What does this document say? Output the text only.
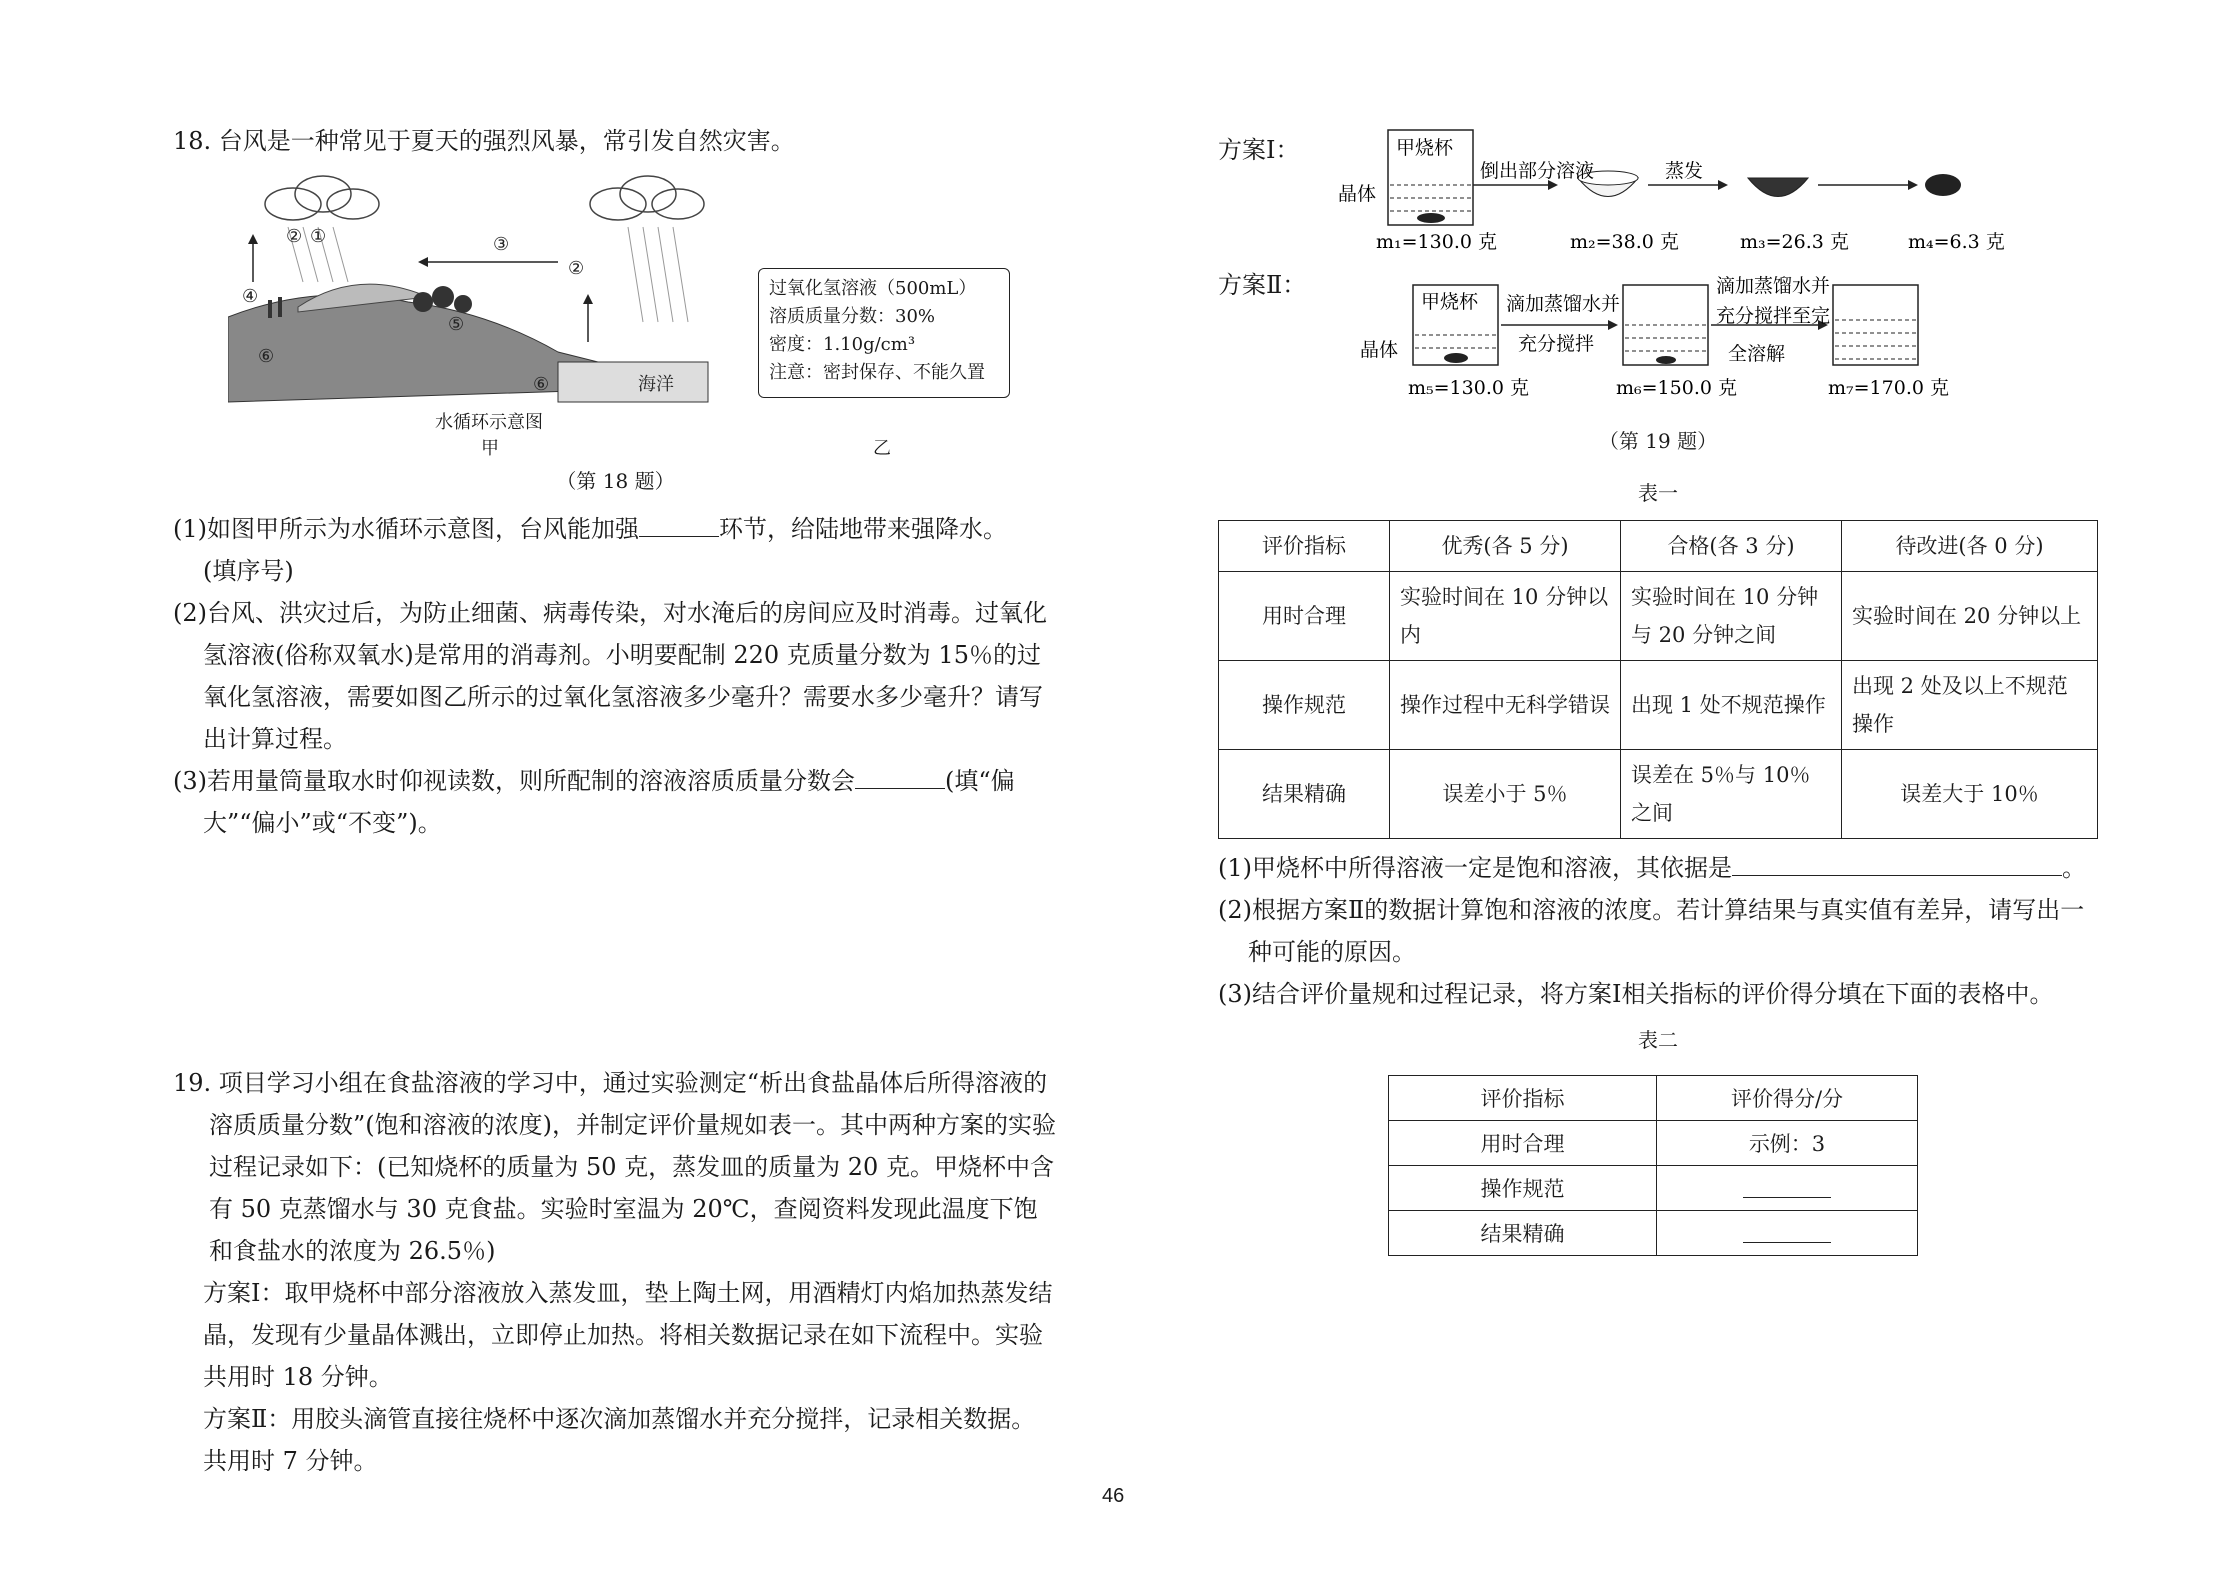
18. 台风是一种常见于夏天的强烈风暴，常引发自然灾害。

③
② ①
④
⑤
⑥
②
⑥	海洋
水循环示意图
甲
过氧化氢溶液（500mL）
溶质质量分数：30%
密度：1.10g/cm³
注意：密封保存、不能久置
乙

（第 18 题）

(1)如图甲所示为水循环示意图，台风能加强	环节，给陆地带来强降水。

(填序号)

(2)台风、洪灾过后，为防止细菌、病毒传染，对水淹后的房间应及时消毒。过氧化氢溶液(俗称双氧水)是常用的消毒剂。小明要配制 220 克质量分数为 15％的过氧化氢溶液，需要如图乙所示的过氧化氢溶液多少毫升？需要水多少毫升？请写出计算过程。

(3)若用量筒量取水时仰视读数，则所配制的溶液溶质质量分数会	(填“偏大”“偏小”或“不变”)。

19. 项目学习小组在食盐溶液的学习中，通过实验测定“析出食盐晶体后所得溶液的溶质质量分数”(饱和溶液的浓度)，并制定评价量规如表一。其中两种方案的实验过程记录如下：(已知烧杯的质量为 50 克，蒸发皿的质量为 20 克。甲烧杯中含有 50 克蒸馏水与 30 克食盐。实验时室温为 20℃，查阅资料发现此温度下饱和食盐水的浓度为 26.5％)

方案Ⅰ：取甲烧杯中部分溶液放入蒸发皿，垫上陶土网，用酒精灯内焰加热蒸发结晶，发现有少量晶体溅出，立即停止加热。将相关数据记录在如下流程中。实验共用时 18 分钟。

方案Ⅱ：用胶头滴管直接往烧杯中逐次滴加蒸馏水并充分搅拌，记录相关数据。共用时 7 分钟。

方案Ⅰ：
方案Ⅱ：
甲烧杯
晶体
倒出部分溶液	蒸发
m₁=130.0 克	m₂=38.0 克	m₃=26.3 克	m₄=6.3 克
甲烧杯
晶体
滴加蒸馏水并
充分搅拌
滴加蒸馏水并
充分搅拌至完
全溶解
m₅=130.0 克	m₆=150.0 克	m₇=170.0 克

（第 19 题）

表一

评价指标	优秀(各 5 分)	合格(各 3 分)	待改进(各 0 分)
用时合理	实验时间在 10 分钟以内	实验时间在 10 分钟与 20 分钟之间	实验时间在 20 分钟以上
操作规范	操作过程中无科学错误	出现 1 处不规范操作	出现 2 处及以上不规范操作
结果精确	误差小于 5％	误差在 5％与 10％之间	误差大于 10％

(1)甲烧杯中所得溶液一定是饱和溶液，其依据是	。

(2)根据方案Ⅱ的数据计算饱和溶液的浓度。若计算结果与真实值有差异，请写出一种可能的原因。

(3)结合评价量规和过程记录，将方案Ⅰ相关指标的评价得分填在下面的表格中。

表二

评价指标	评价得分/分
用时合理	示例：3
操作规范	
结果精确	
46
